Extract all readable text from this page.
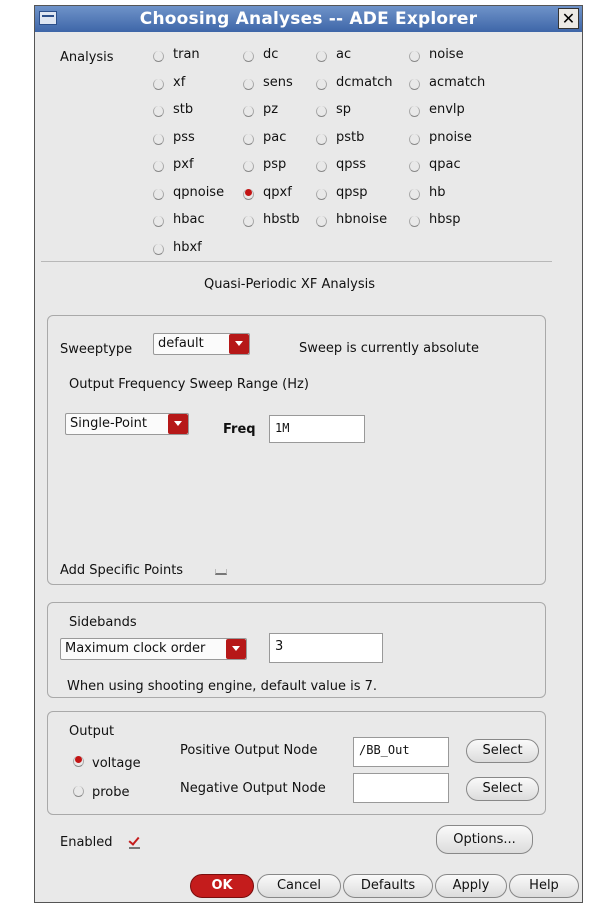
Choosing Analyses -- ADE Explorer	✕
Analysis	tran	dc	ac	noise
xf	sens	dcmatch	acmatch
stb	pz	sp	envlp
pss	pac	pstb	pnoise
pxf	psp	qpss	qpac
qpnoise	qpxf	qpsp	hb
hbac	hbstb	hbnoise	hbsp
hbxf
Quasi-Periodic XF Analysis
Sweeptype default	Sweep is currently absolute
Output Frequency Sweep Range (Hz)
Single-Point	Freq	1M
Add Specific Points
Sidebands
Maximum clock order	3
When using shooting engine, default value is 7.
Output
voltage
probe
Positive Output Node	/BB_Out	Select
Negative Output Node	Select
Enabled	Options...
OK	Cancel	Defaults	Apply	Help
